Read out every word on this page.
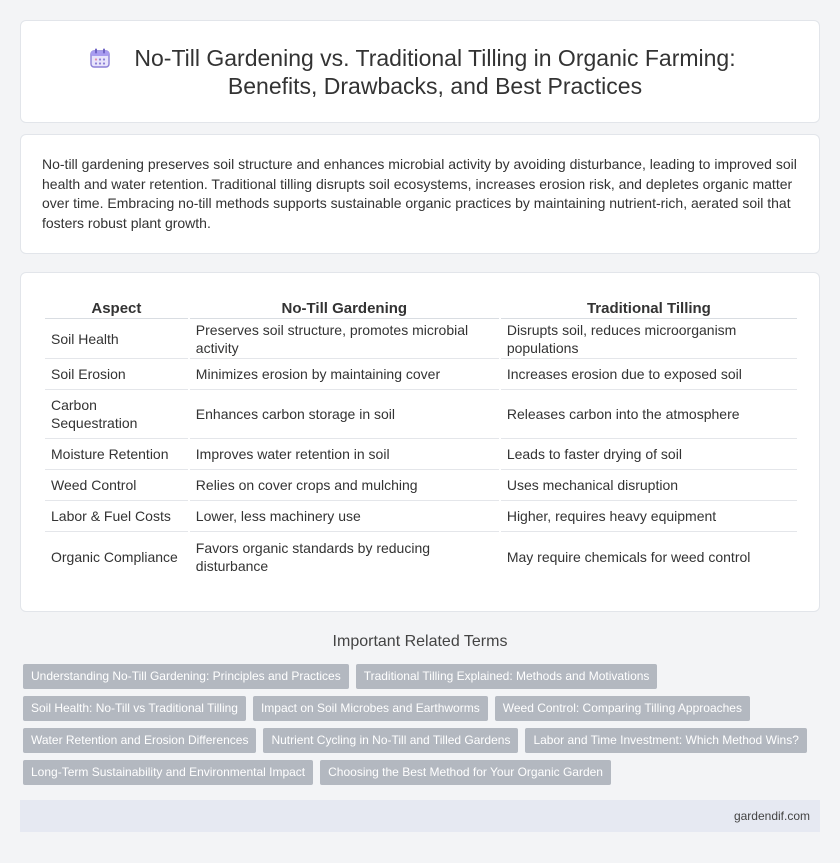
No-Till Gardening vs. Traditional Tilling in Organic Farming: Benefits, Drawbacks, and Best Practices

No-till gardening preserves soil structure and enhances microbial activity by avoiding disturbance, leading to improved soil health and water retention. Traditional tilling disrupts soil ecosystems, increases erosion risk, and depletes organic matter over time. Embracing no-till methods supports sustainable organic practices by maintaining nutrient-rich, aerated soil that fosters robust plant growth.

Aspect	No-Till Gardening	Traditional Tilling
Soil Health	Preserves soil structure, promotes microbial activity	Disrupts soil, reduces microorganism populations
Soil Erosion	Minimizes erosion by maintaining cover	Increases erosion due to exposed soil
Carbon Sequestration	Enhances carbon storage in soil	Releases carbon into the atmosphere
Moisture Retention	Improves water retention in soil	Leads to faster drying of soil
Weed Control	Relies on cover crops and mulching	Uses mechanical disruption
Labor & Fuel Costs	Lower, less machinery use	Higher, requires heavy equipment
Organic Compliance	Favors organic standards by reducing disturbance	May require chemicals for weed control
Important Related Terms
Understanding No-Till Gardening: Principles and Practices	Traditional Tilling Explained: Methods and Motivations
Soil Health: No-Till vs Traditional Tilling	Impact on Soil Microbes and Earthworms	Weed Control: Comparing Tilling Approaches
Water Retention and Erosion Differences	Nutrient Cycling in No-Till and Tilled Gardens	Labor and Time Investment: Which Method Wins?
Long-Term Sustainability and Environmental Impact	Choosing the Best Method for Your Organic Garden
gardendif.com
